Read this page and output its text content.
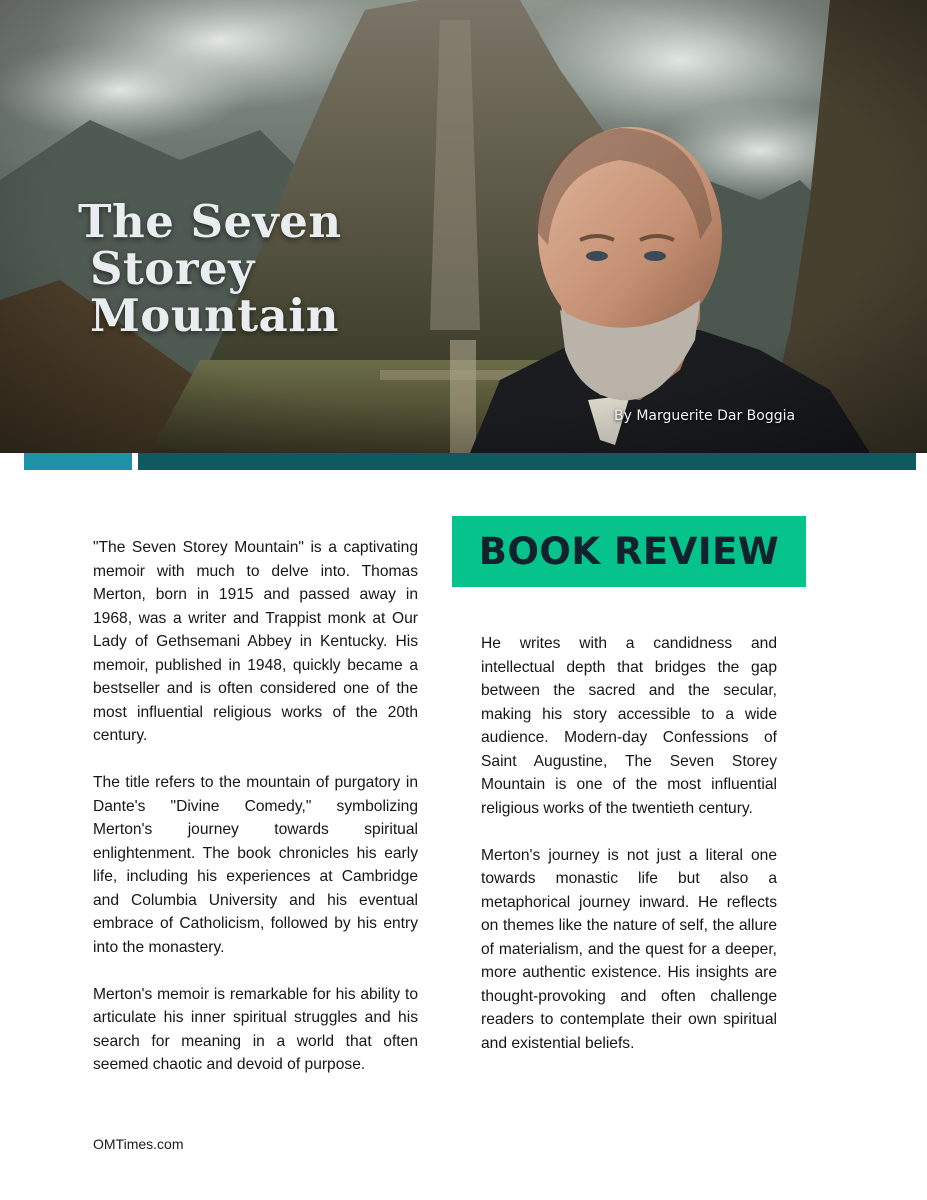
The Seven
Storey
Mountain
By Marguerite Dar Boggia

"The Seven Storey Mountain" is a captivating memoir with much to delve into. Thomas Merton, born in 1915 and passed away in 1968, was a writer and Trappist monk at Our Lady of Gethsemani Abbey in Kentucky. His memoir, published in 1948, quickly became a bestseller and is often considered one of the most influential religious works of the 20th century.

The title refers to the mountain of purgatory in Dante's "Divine Comedy," symbolizing Merton's journey towards spiritual enlightenment. The book chronicles his early life, including his experiences at Cambridge and Columbia University and his eventual embrace of Catholicism, followed by his entry into the monastery.

Merton's memoir is remarkable for his ability to articulate his inner spiritual struggles and his search for meaning in a world that often seemed chaotic and devoid of purpose.

BOOK REVIEW

He writes with a candidness and intellectual depth that bridges the gap between the sacred and the secular, making his story accessible to a wide audience. Modern-day Confessions of Saint Augustine, The Seven Storey Mountain is one of the most influential religious works of the twentieth century.

Merton's journey is not just a literal one towards monastic life but also a metaphorical journey inward. He reflects on themes like the nature of self, the allure of materialism, and the quest for a deeper, more authentic existence. His insights are thought-provoking and often challenge readers to contemplate their own spiritual and existential beliefs.

OMTimes.com
